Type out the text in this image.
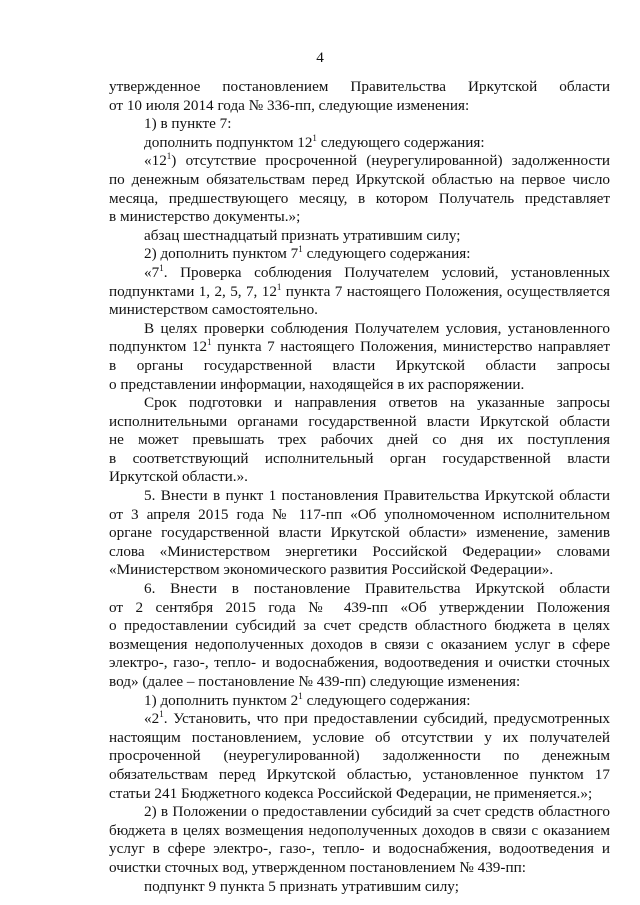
4
утвержденное постановлением Правительства Иркутской области
от 10 июля 2014 года № 336-пп, следующие изменения:
1) в пункте 7:
дополнить подпунктом $12^1$ следующего содержания:
«$12^1$) отсутствие просроченной (неурегулированной) задолженности
по денежным обязательствам перед Иркутской областью на первое число
месяца, предшествующего месяцу, в котором Получатель представляет
в министерство документы.»;
абзац шестнадцатый признать утратившим силу;
2) дополнить пунктом $7^1$ следующего содержания:
«$7^1$. Проверка соблюдения Получателем условий, установленных
подпунктами 1, 2, 5, 7, $12^1$ пункта 7 настоящего Положения, осуществляется
министерством самостоятельно.
В целях проверки соблюдения Получателем условия, установленного
подпунктом $12^1$ пункта 7 настоящего Положения, министерство направляет
в органы государственной власти Иркутской области запросы
о представлении информации, находящейся в их распоряжении.
Срок подготовки и направления ответов на указанные запросы
исполнительными органами государственной власти Иркутской области
не может превышать трех рабочих дней со дня их поступления
в соответствующий исполнительный орган государственной власти
Иркутской области.».
5. Внести в пункт 1 постановления Правительства Иркутской области
от 3 апреля 2015 года № 117-пп «Об уполномоченном исполнительном
органе государственной власти Иркутской области» изменение, заменив
слова «Министерством энергетики Российской Федерации» словами
«Министерством экономического развития Российской Федерации».
6. Внести в постановление Правительства Иркутской области
от 2 сентября 2015 года № 439-пп «Об утверждении Положения
о предоставлении субсидий за счет средств областного бюджета в целях
возмещения недополученных доходов в связи с оказанием услуг в сфере
электро-, газо-, тепло- и водоснабжения, водоотведения и очистки сточных
вод» (далее – постановление № 439-пп) следующие изменения:
1) дополнить пунктом $2^1$ следующего содержания:
«$2^1$. Установить, что при предоставлении субсидий, предусмотренных
настоящим постановлением, условие об отсутствии у их получателей
просроченной (неурегулированной) задолженности по денежным
обязательствам перед Иркутской областью, установленное пунктом 17
статьи 241 Бюджетного кодекса Российской Федерации, не применяется.»;
2) в Положении о предоставлении субсидий за счет средств областного
бюджета в целях возмещения недополученных доходов в связи с оказанием
услуг в сфере электро-, газо-, тепло- и водоснабжения, водоотведения и
очистки сточных вод, утвержденном постановлением № 439-пп:
подпункт 9 пункта 5 признать утратившим силу;
